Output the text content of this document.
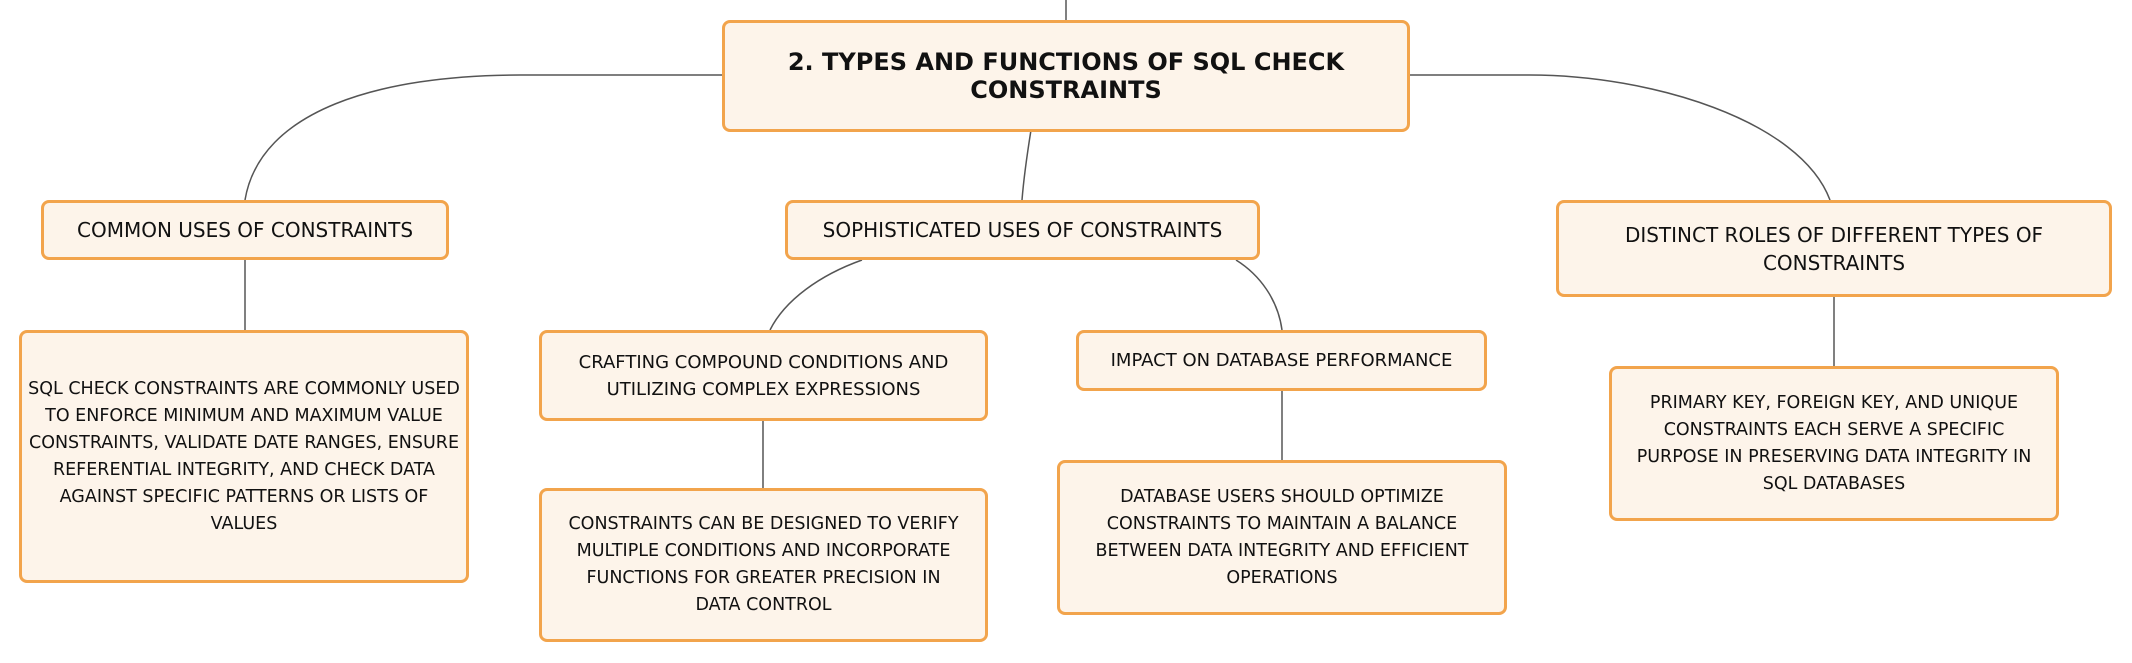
2. TYPES AND FUNCTIONS OF SQL CHECK CONSTRAINTS
COMMON USES OF CONSTRAINTS	SOPHISTICATED USES OF CONSTRAINTS	DISTINCT ROLES OF DIFFERENT TYPES OF CONSTRAINTS
SQL CHECK CONSTRAINTS ARE COMMONLY USED TO ENFORCE MINIMUM AND MAXIMUM VALUE CONSTRAINTS, VALIDATE DATE RANGES, ENSURE REFERENTIAL INTEGRITY, AND CHECK DATA AGAINST SPECIFIC PATTERNS OR LISTS OF VALUES
CRAFTING COMPOUND CONDITIONS AND UTILIZING COMPLEX EXPRESSIONS
IMPACT ON DATABASE PERFORMANCE
CONSTRAINTS CAN BE DESIGNED TO VERIFY MULTIPLE CONDITIONS AND INCORPORATE FUNCTIONS FOR GREATER PRECISION IN DATA CONTROL
DATABASE USERS SHOULD OPTIMIZE CONSTRAINTS TO MAINTAIN A BALANCE BETWEEN DATA INTEGRITY AND EFFICIENT OPERATIONS
PRIMARY KEY, FOREIGN KEY, AND UNIQUE CONSTRAINTS EACH SERVE A SPECIFIC PURPOSE IN PRESERVING DATA INTEGRITY IN SQL DATABASES
